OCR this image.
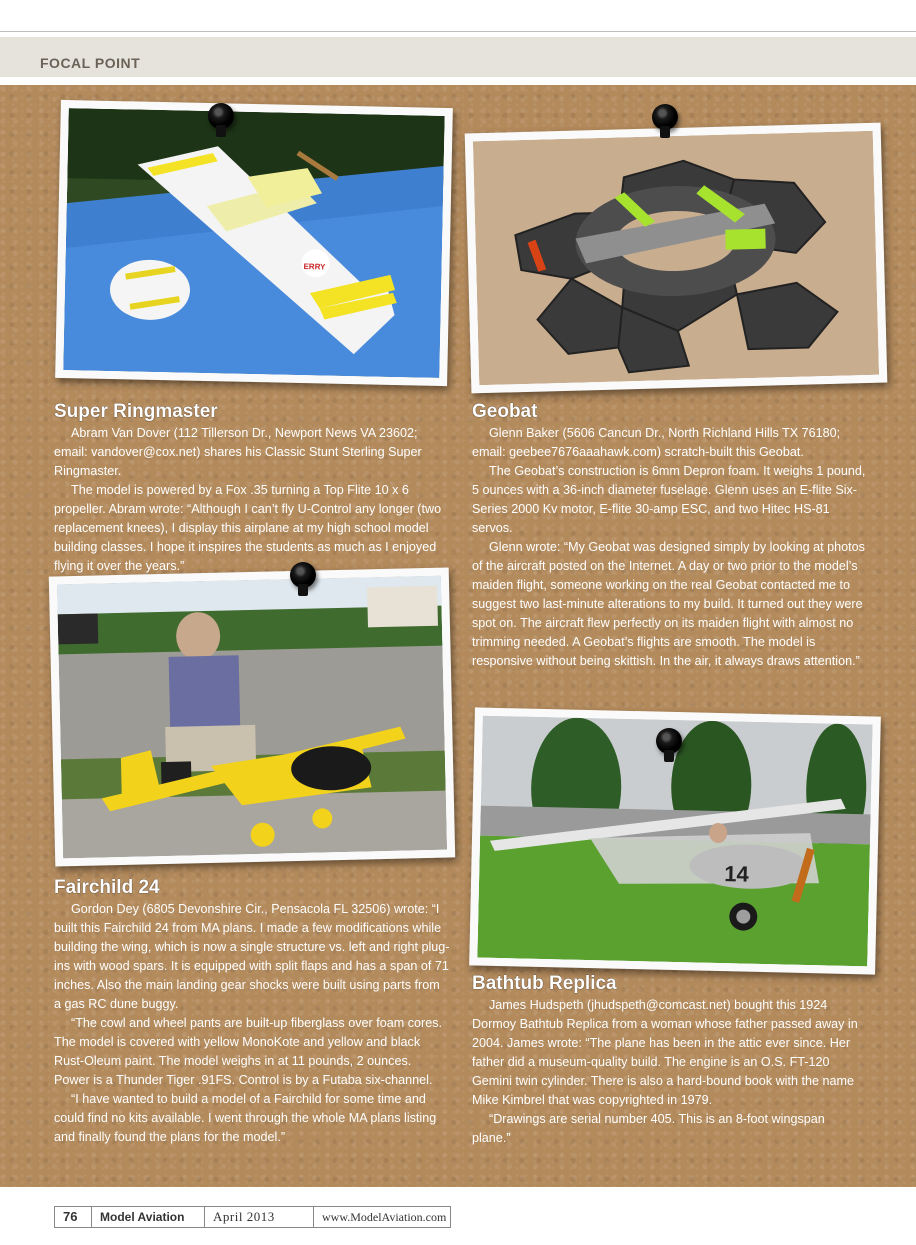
FOCAL POINT
ERRY
14
Super Ringmaster

Abram Van Dover (112 Tillerson Dr., Newport News VA 23602; email: vandover@cox.net) shares his Classic Stunt Sterling Super Ringmaster.

The model is powered by a Fox .35 turning a Top Flite 10 x 6 propeller. Abram wrote: “Although I can’t fly U-Control any longer (two replacement knees), I display this airplane at my high school model building classes. I hope it inspires the students as much as I enjoyed flying it over the years.”

Geobat

Glenn Baker (5606 Cancun Dr., North Richland Hills TX 76180; email: geebee7676aaahawk.com) scratch-built this Geobat.

The Geobat’s construction is 6mm Depron foam. It weighs 1 pound, 5 ounces with a 36-inch diameter fuselage. Glenn uses an E-flite Six-Series 2000 Kv motor, E-flite 30-amp ESC, and two Hitec HS-81 servos.

Glenn wrote: “My Geobat was designed simply by looking at photos of the aircraft posted on the Internet. A day or two prior to the model’s maiden flight, someone working on the real Geobat contacted me to suggest two last-minute alterations to my build. It turned out they were spot on. The aircraft flew perfectly on its maiden flight with almost no trimming needed. A Geobat’s flights are smooth. The model is responsive without being skittish. In the air, it always draws attention.”

Fairchild 24

Gordon Dey (6805 Devonshire Cir., Pensacola FL 32506) wrote: “I built this Fairchild 24 from MA plans. I made a few modifications while building the wing, which is now a single structure vs. left and right plug-ins with wood spars. It is equipped with split flaps and has a span of 71 inches. Also the main landing gear shocks were built using parts from a gas RC dune buggy.

“The cowl and wheel pants are built-up fiberglass over foam cores. The model is covered with yellow MonoKote and yellow and black Rust-Oleum paint. The model weighs in at 11 pounds, 2 ounces. Power is a Thunder Tiger .91FS. Control is by a Futaba six-channel.

“I have wanted to build a model of a Fairchild for some time and could find no kits available. I went through the whole MA plans listing and finally found the plans for the model.”

Bathtub Replica

James Hudspeth (jhudspeth@comcast.net) bought this 1924 Dormoy Bathtub Replica from a woman whose father passed away in 2004. James wrote: “The plane has been in the attic ever since. Her father did a museum-quality build. The engine is an O.S. FT-120 Gemini twin cylinder. There is also a hard-bound book with the name Mike Kimbrel that was copyrighted in 1979.

“Drawings are serial number 405. This is an 8-foot wingspan plane.”

76	Model Aviation	April 2013	www.ModelAviation.com
